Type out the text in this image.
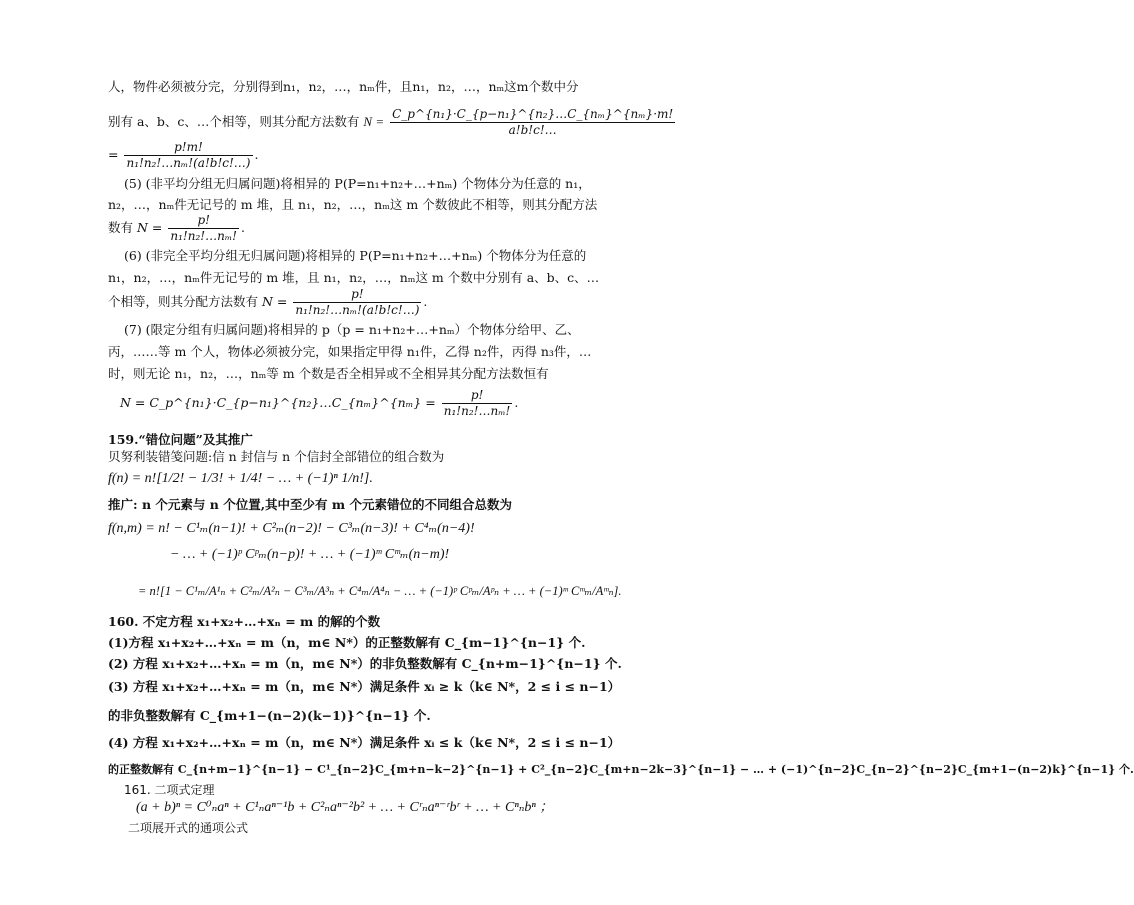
人，物件必须被分完，分别得到n₁，n₂，…，nₘ件，且n₁，n₂，…，nₘ这m个数中分
别有 a、b、c、…个相等，则其分配方法数有 $N = \frac{\text{C\_p\textasciicircum{}\{n₁\}·C\_\{p−n₁\}\textasciicircum{}\{n₂\}…C\_\{nₘ\}\textasciicircum{}\{nₘ\}·m!}}{a!b!c!\dots}$
= $\frac{p!m!}{\text{n₁!n₂!…nₘ!(a!b!c!…)}}$ .
(5) (非平均分组无归属问题)将相异的 P(P=n₁+n₂+…+nₘ) 个物体分为任意的 n₁，
n₂，…，nₘ件无记号的 m 堆，且 n₁，n₂，…，nₘ这 m 个数彼此不相等，则其分配方法
数有 $N = \frac{p!}{\text{n₁!n₂!…nₘ!}}$ .
(6) (非完全平均分组无归属问题)将相异的 P(P=n₁+n₂+…+nₘ) 个物体分为任意的
n₁，n₂，…，nₘ件无记号的 m 堆，且 n₁，n₂，…，nₘ这 m 个数中分别有 a、b、c、…
个相等，则其分配方法数有 $N = \frac{p!}{\text{n₁!n₂!…nₘ!(a!b!c!…)}}$ .
(7) (限定分组有归属问题)将相异的 p（p = n₁+n₂+…+nₘ）个物体分给甲、乙、
丙，……等 m 个人，物体必须被分完，如果指定甲得 n₁件，乙得 n₂件，丙得 n₃件，…
时，则无论 n₁，n₂，…，nₘ等 m 个数是否全相异或不全相异其分配方法数恒有
N = C_p^{n₁}·C_{p−n₁}^{n₂}…C_{nₘ}^{nₘ} = $\frac{p!}{\text{n₁!n₂!…nₘ!}}$ .
159.“错位问题”及其推广
贝努利装错笺问题:信 n 封信与 n 个信封全部错位的组合数为
f(n) = n![1/2! − 1/3! + 1/4! − … + (−1)ⁿ 1/n!].
推广: n 个元素与 n 个位置,其中至少有 m 个元素错位的不同组合总数为
f(n,m) = n! − C¹ₘ(n−1)! + C²ₘ(n−2)! − C³ₘ(n−3)! + C⁴ₘ(n−4)!
− … + (−1)ᵖ Cᵖₘ(n−p)! + … + (−1)ᵐ Cᵐₘ(n−m)!
= n![1 − C¹ₘ/A¹ₙ + C²ₘ/A²ₙ − C³ₘ/A³ₙ + C⁴ₘ/A⁴ₙ − … + (−1)ᵖ Cᵖₘ/Aᵖₙ + … + (−1)ᵐ Cᵐₘ/Aᵐₙ].
160. 不定方程 x₁+x₂+…+xₙ = m 的解的个数
(1)方程 x₁+x₂+…+xₙ = m（n，m∈ N*）的正整数解有 C_{m−1}^{n−1} 个.
(2) 方程 x₁+x₂+…+xₙ = m（n，m∈ N*）的非负整数解有 C_{n+m−1}^{n−1} 个.
(3) 方程 x₁+x₂+…+xₙ = m（n，m∈ N*）满足条件 xᵢ ≥ k（k∈ N*，2 ≤ i ≤ n−1）
的非负整数解有 C_{m+1−(n−2)(k−1)}^{n−1} 个.
(4) 方程 x₁+x₂+…+xₙ = m（n，m∈ N*）满足条件 xᵢ ≤ k（k∈ N*，2 ≤ i ≤ n−1）
的正整数解有 C_{n+m−1}^{n−1} − C¹_{n−2}C_{m+n−k−2}^{n−1} + C²_{n−2}C_{m+n−2k−3}^{n−1} − … + (−1)^{n−2}C_{n−2}^{n−2}C_{m+1−(n−2)k}^{n−1} 个.
161. 二项式定理
(a + b)ⁿ = C⁰ₙaⁿ + C¹ₙaⁿ⁻¹b + C²ₙaⁿ⁻²b² + … + Cʳₙaⁿ⁻ʳbʳ + … + Cⁿₙbⁿ ；
二项展开式的通项公式
